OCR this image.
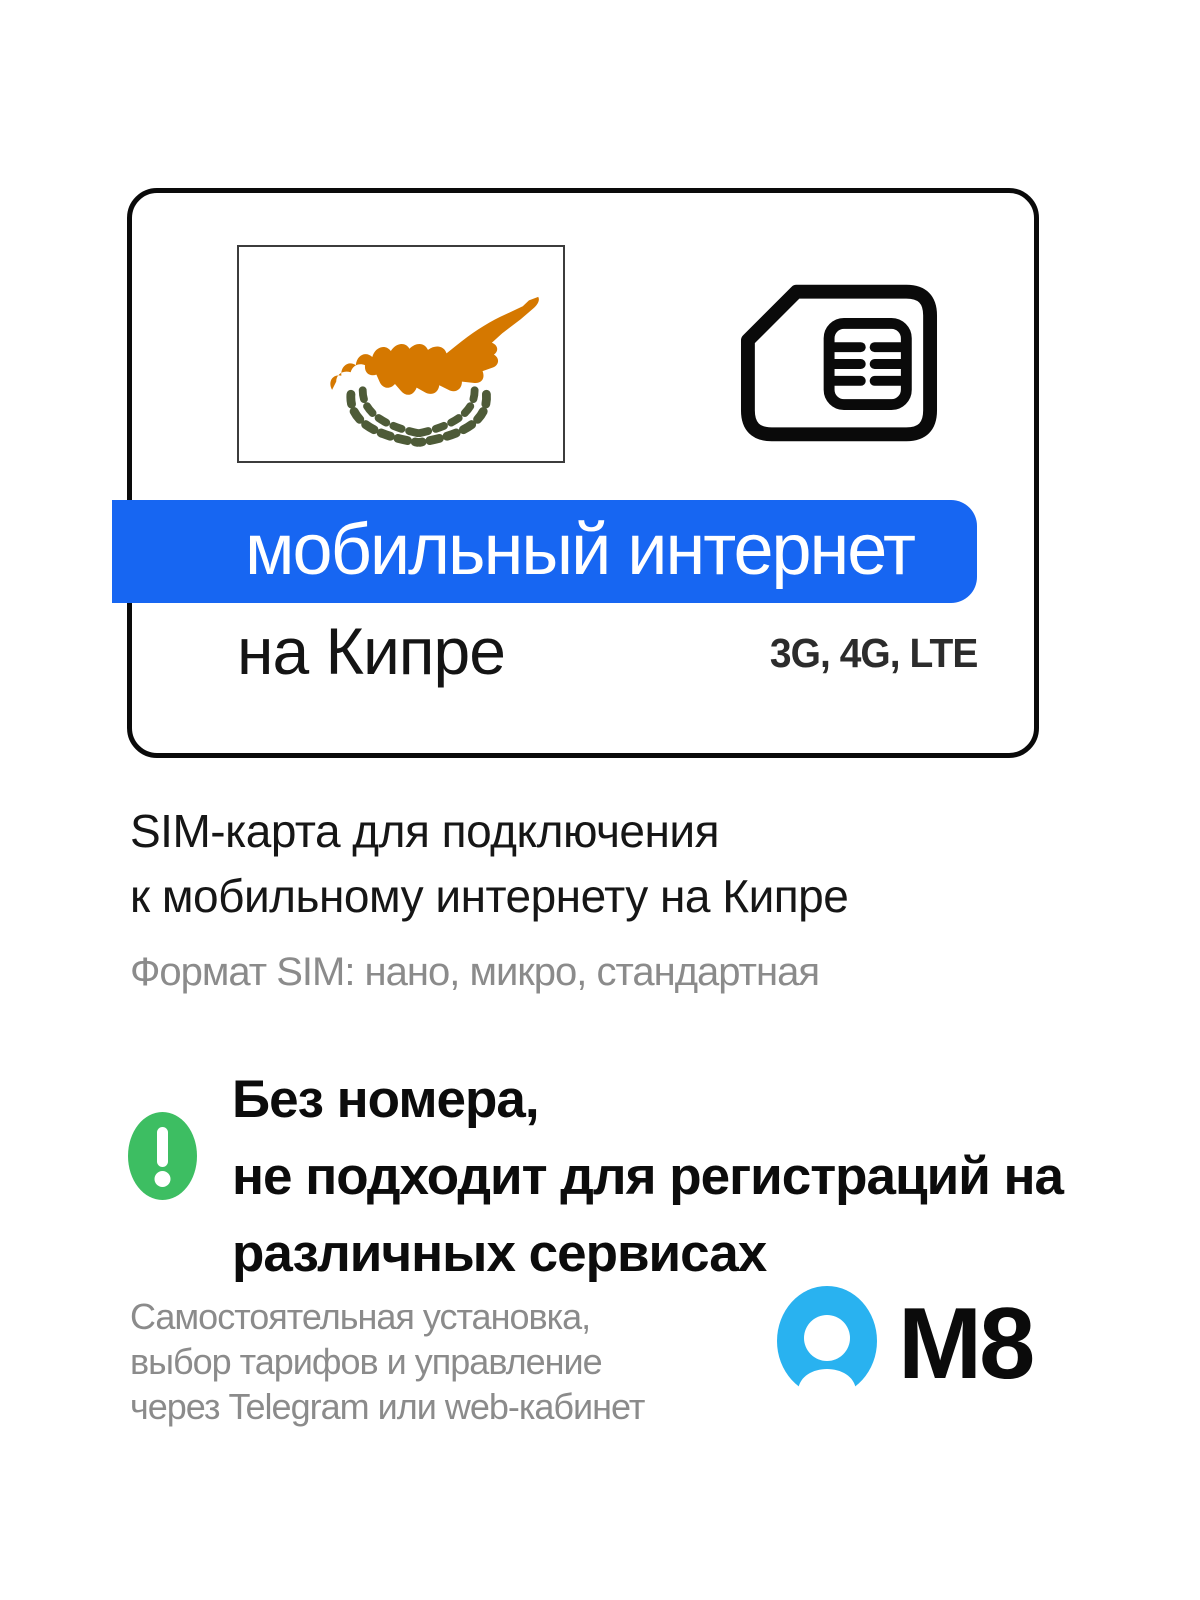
мобильный интернет
на Кипре	3G, 4G, LTE
SIM-карта для подключения
к мобильному интернету на Кипре
Формат SIM: нано, микро, стандартная
Без номера,
не подходит для регистраций на
различных сервисах
Самостоятельная установка,
выбор тарифов и управление
через Telegram или web-кабинет
М8
